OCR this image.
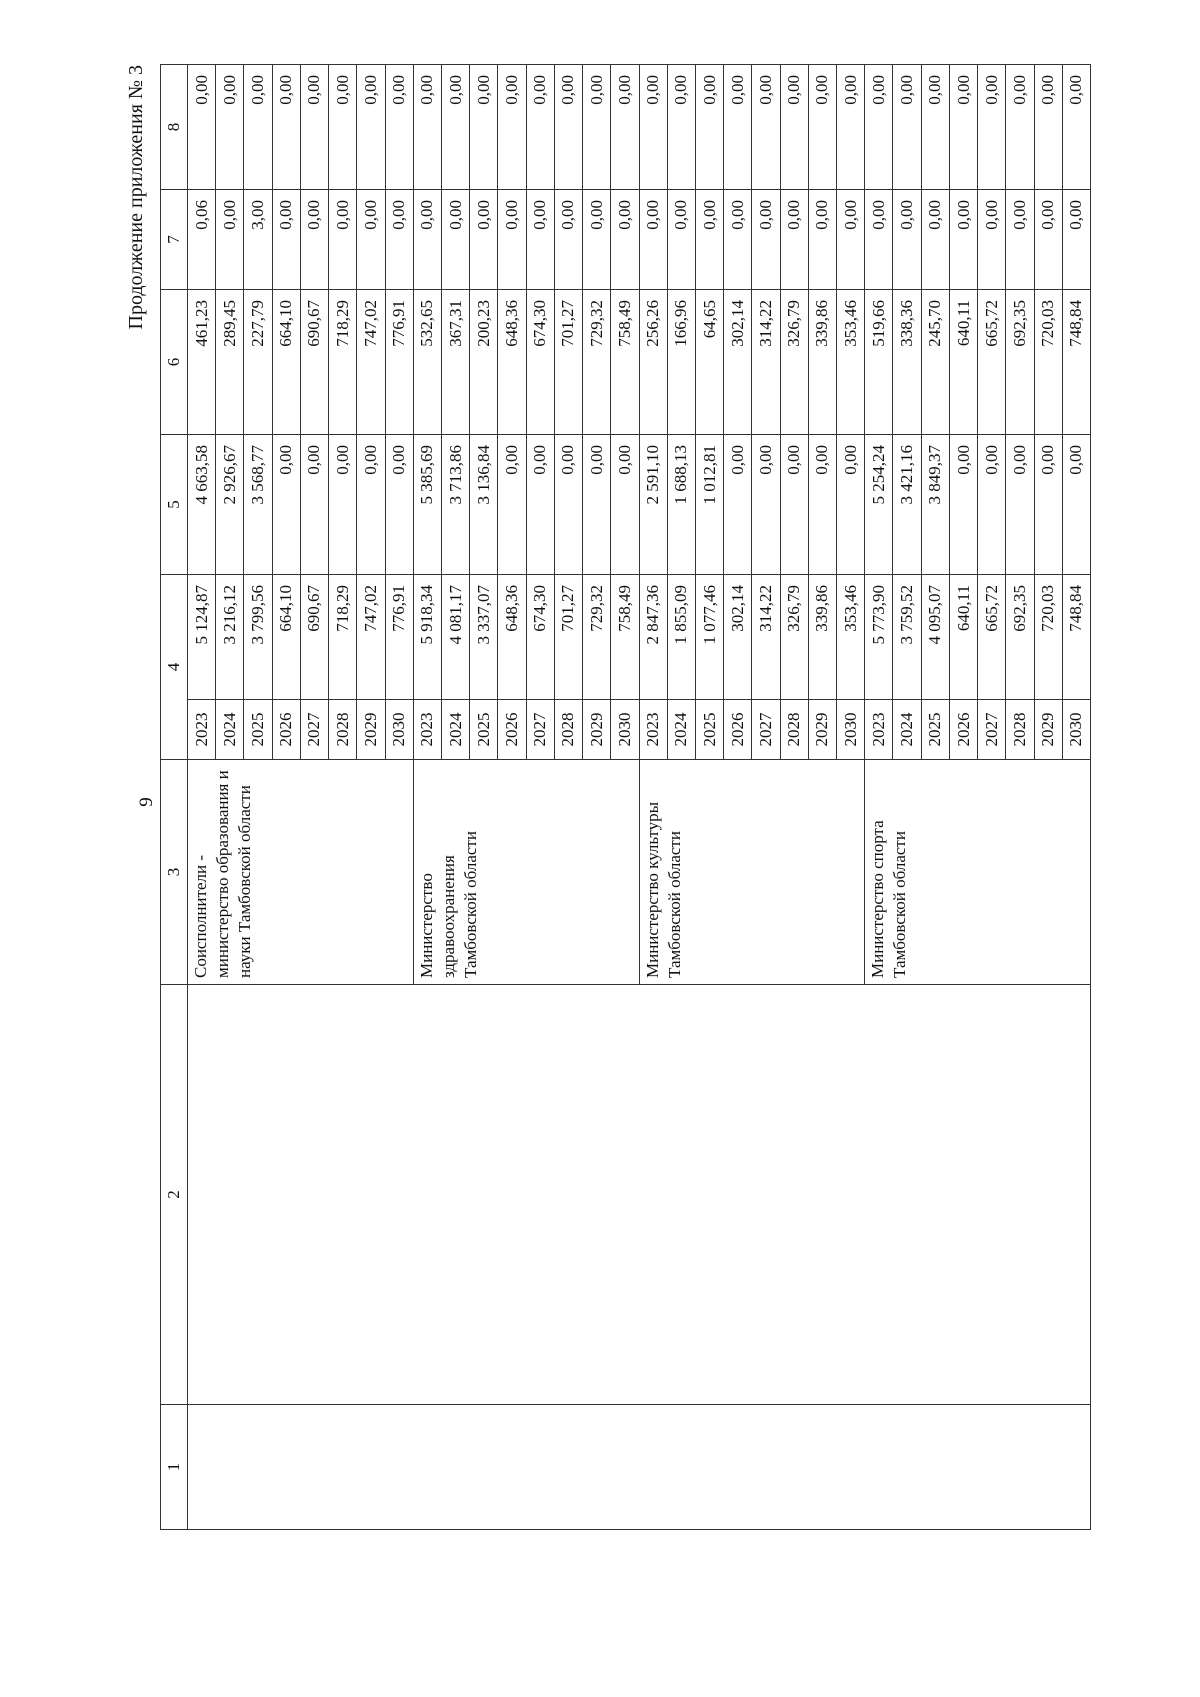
9
Продолжение приложения № 3
1	2	3	4		5	6	7	8
		Соисполнители - министерство образования и науки Тамбовской области	2023	5 124,87	4 663,58	461,23	0,06	0,00
			2024	3 216,12	2 926,67	289,45	0,00	0,00
			2025	3 799,56	3 568,77	227,79	3,00	0,00
			2026	664,10	0,00	664,10	0,00	0,00
			2027	690,67	0,00	690,67	0,00	0,00
			2028	718,29	0,00	718,29	0,00	0,00
			2029	747,02	0,00	747,02	0,00	0,00
			2030	776,91	0,00	776,91	0,00	0,00
		Министерство здравоохранения Тамбовской области	2023	5 918,34	5 385,69	532,65	0,00	0,00
			2024	4 081,17	3 713,86	367,31	0,00	0,00
			2025	3 337,07	3 136,84	200,23	0,00	0,00
			2026	648,36	0,00	648,36	0,00	0,00
			2027	674,30	0,00	674,30	0,00	0,00
			2028	701,27	0,00	701,27	0,00	0,00
			2029	729,32	0,00	729,32	0,00	0,00
			2030	758,49	0,00	758,49	0,00	0,00
		Министерство культуры Тамбовской области	2023	2 847,36	2 591,10	256,26	0,00	0,00
			2024	1 855,09	1 688,13	166,96	0,00	0,00
			2025	1 077,46	1 012,81	64,65	0,00	0,00
			2026	302,14	0,00	302,14	0,00	0,00
			2027	314,22	0,00	314,22	0,00	0,00
			2028	326,79	0,00	326,79	0,00	0,00
			2029	339,86	0,00	339,86	0,00	0,00
			2030	353,46	0,00	353,46	0,00	0,00
		Министерство спорта Тамбовской области	2023	5 773,90	5 254,24	519,66	0,00	0,00
			2024	3 759,52	3 421,16	338,36	0,00	0,00
			2025	4 095,07	3 849,37	245,70	0,00	0,00
			2026	640,11	0,00	640,11	0,00	0,00
			2027	665,72	0,00	665,72	0,00	0,00
			2028	692,35	0,00	692,35	0,00	0,00
			2029	720,03	0,00	720,03	0,00	0,00
			2030	748,84	0,00	748,84	0,00	0,00
